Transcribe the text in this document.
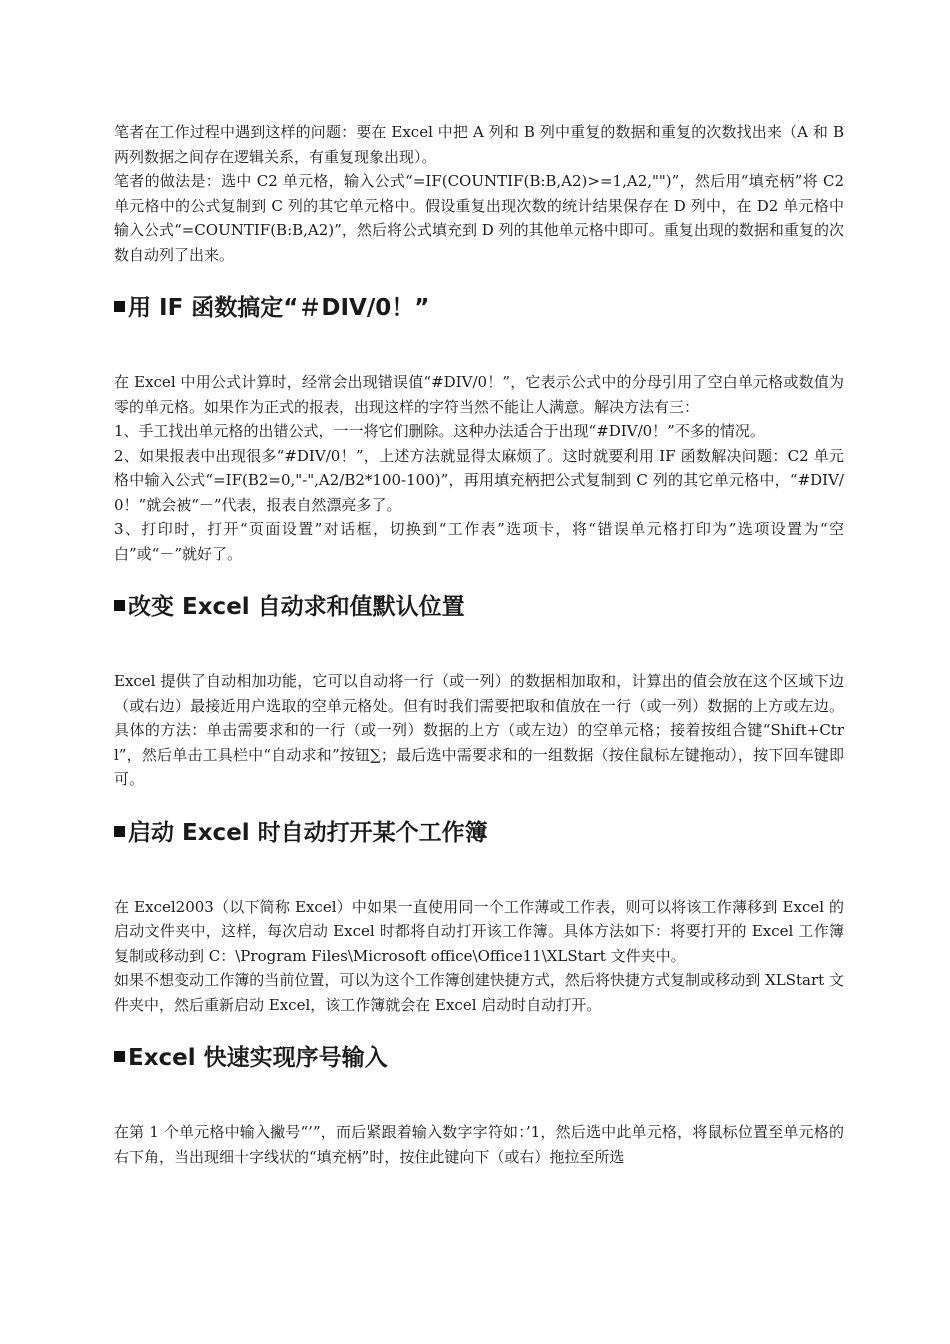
笔者在工作过程中遇到这样的问题：要在 Excel 中把 A 列和 B 列中重复的数据和重复的次数找出来（A 和 B 两列数据之间存在逻辑关系，有重复现象出现）。

笔者的做法是：选中 C2 单元格，输入公式“=IF(COUNTIF(B:B,A2)>=1,A2,"")”，然后用“填充柄”将 C2 单元格中的公式复制到 C 列的其它单元格中。假设重复出现次数的统计结果保存在 D 列中，在 D2 单元格中输入公式“=COUNTIF(B:B,A2)”，然后将公式填充到 D 列的其他单元格中即可。重复出现的数据和重复的次数自动列了出来。

用 IF 函数搞定“＃DIV/0！”

在 Excel 中用公式计算时，经常会出现错误值“#DIV/0！”，它表示公式中的分母引用了空白单元格或数值为零的单元格。如果作为正式的报表，出现这样的字符当然不能让人满意。解决方法有三：

1、手工找出单元格的出错公式，一一将它们删除。这种办法适合于出现“#DIV/0！”不多的情况。

2、如果报表中出现很多“#DIV/0！”，上述方法就显得太麻烦了。这时就要利用 IF 函数解决问题：C2 单元格中输入公式“=IF(B2=0,"-",A2/B2*100-100)”，再用填充柄把公式复制到 C 列的其它单元格中，“#DIV/0！”就会被“－”代表，报表自然漂亮多了。

3、打印时，打开“页面设置”对话框，切换到“工作表”选项卡，将“错误单元格打印为”选项设置为“空白”或“－”就好了。

改变 Excel 自动求和值默认位置

Excel 提供了自动相加功能，它可以自动将一行（或一列）的数据相加取和，计算出的值会放在这个区域下边（或右边）最接近用户选取的空单元格处。但有时我们需要把取和值放在一行（或一列）数据的上方或左边。具体的方法：单击需要求和的一行（或一列）数据的上方（或左边）的空单元格；接着按组合键“Shift+Ctrl”，然后单击工具栏中“自动求和”按钮∑；最后选中需要求和的一组数据（按住鼠标左键拖动），按下回车键即可。

启动 Excel 时自动打开某个工作簿

在 Excel2003（以下简称 Excel）中如果一直使用同一个工作薄或工作表，则可以将该工作薄移到 Excel 的启动文件夹中，这样，每次启动 Excel 时都将自动打开该工作簿。具体方法如下：将要打开的 Excel 工作簿复制或移动到 C：\Program Files\Microsoft office\Office11\XLStart 文件夹中。

如果不想变动工作簿的当前位置，可以为这个工作簿创建快捷方式，然后将快捷方式复制或移动到 XLStart 文件夹中，然后重新启动 Excel，该工作簿就会在 Excel 启动时自动打开。

Excel 快速实现序号输入

在第 1 个单元格中输入撇号“’”，而后紧跟着输入数字字符如：’1，然后选中此单元格，将鼠标位置至单元格的右下角，当出现细十字线状的“填充柄”时，按住此键向下（或右）拖拉至所选
